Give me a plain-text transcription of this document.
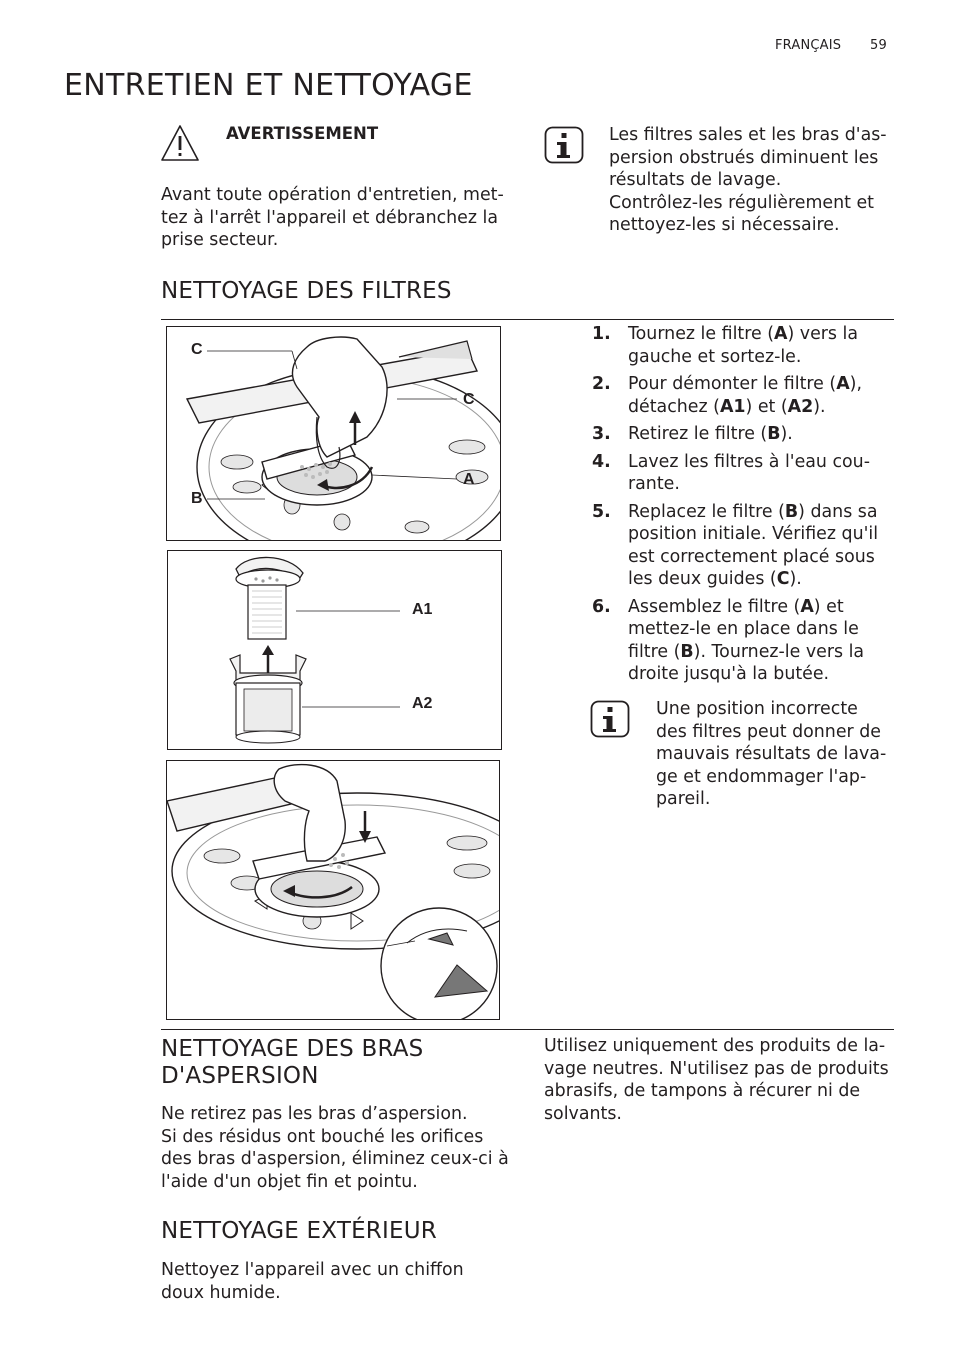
FRANÇAIS 59
ENTRETIEN ET NETTOYAGE
AVERTISSEMENT

Avant toute opération d'entretien, met-

tez à l'arrêt l'appareil et débranchez la

prise secteur.

Les filtres sales et les bras d'as-

persion obstrués diminuent les

résultats de lavage.

Contrôlez-les régulièrement et

nettoyez-les si nécessaire.

NETTOYAGE DES FILTRES
C
C
A
B
A1
A2
1. Tournez le filtre (A) vers la
gauche et sortez-le.
2. Pour démonter le filtre (A),
détachez (A1) et (A2).
3. Retirez le filtre (B).
4. Lavez les filtres à l'eau cou-
rante.
5. Replacez le filtre (B) dans sa
position initiale. Vérifiez qu'il
est correctement placé sous
les deux guides (C).
6. Assemblez le filtre (A) et
mettez-le en place dans le
filtre (B). Tournez-le vers la
droite jusqu'à la butée.

Une position incorrecte

des filtres peut donner de

mauvais résultats de lava-

ge et endommager l'ap-

pareil.

NETTOYAGE DES BRAS

D'ASPERSION

Ne retirez pas les bras d’aspersion.

Si des résidus ont bouché les orifices

des bras d'aspersion, éliminez ceux-ci à

l'aide d'un objet fin et pointu.

Utilisez uniquement des produits de la-

vage neutres. N'utilisez pas de produits

abrasifs, de tampons à récurer ni de

solvants.

NETTOYAGE EXTÉRIEUR

Nettoyez l'appareil avec un chiffon

doux humide.
